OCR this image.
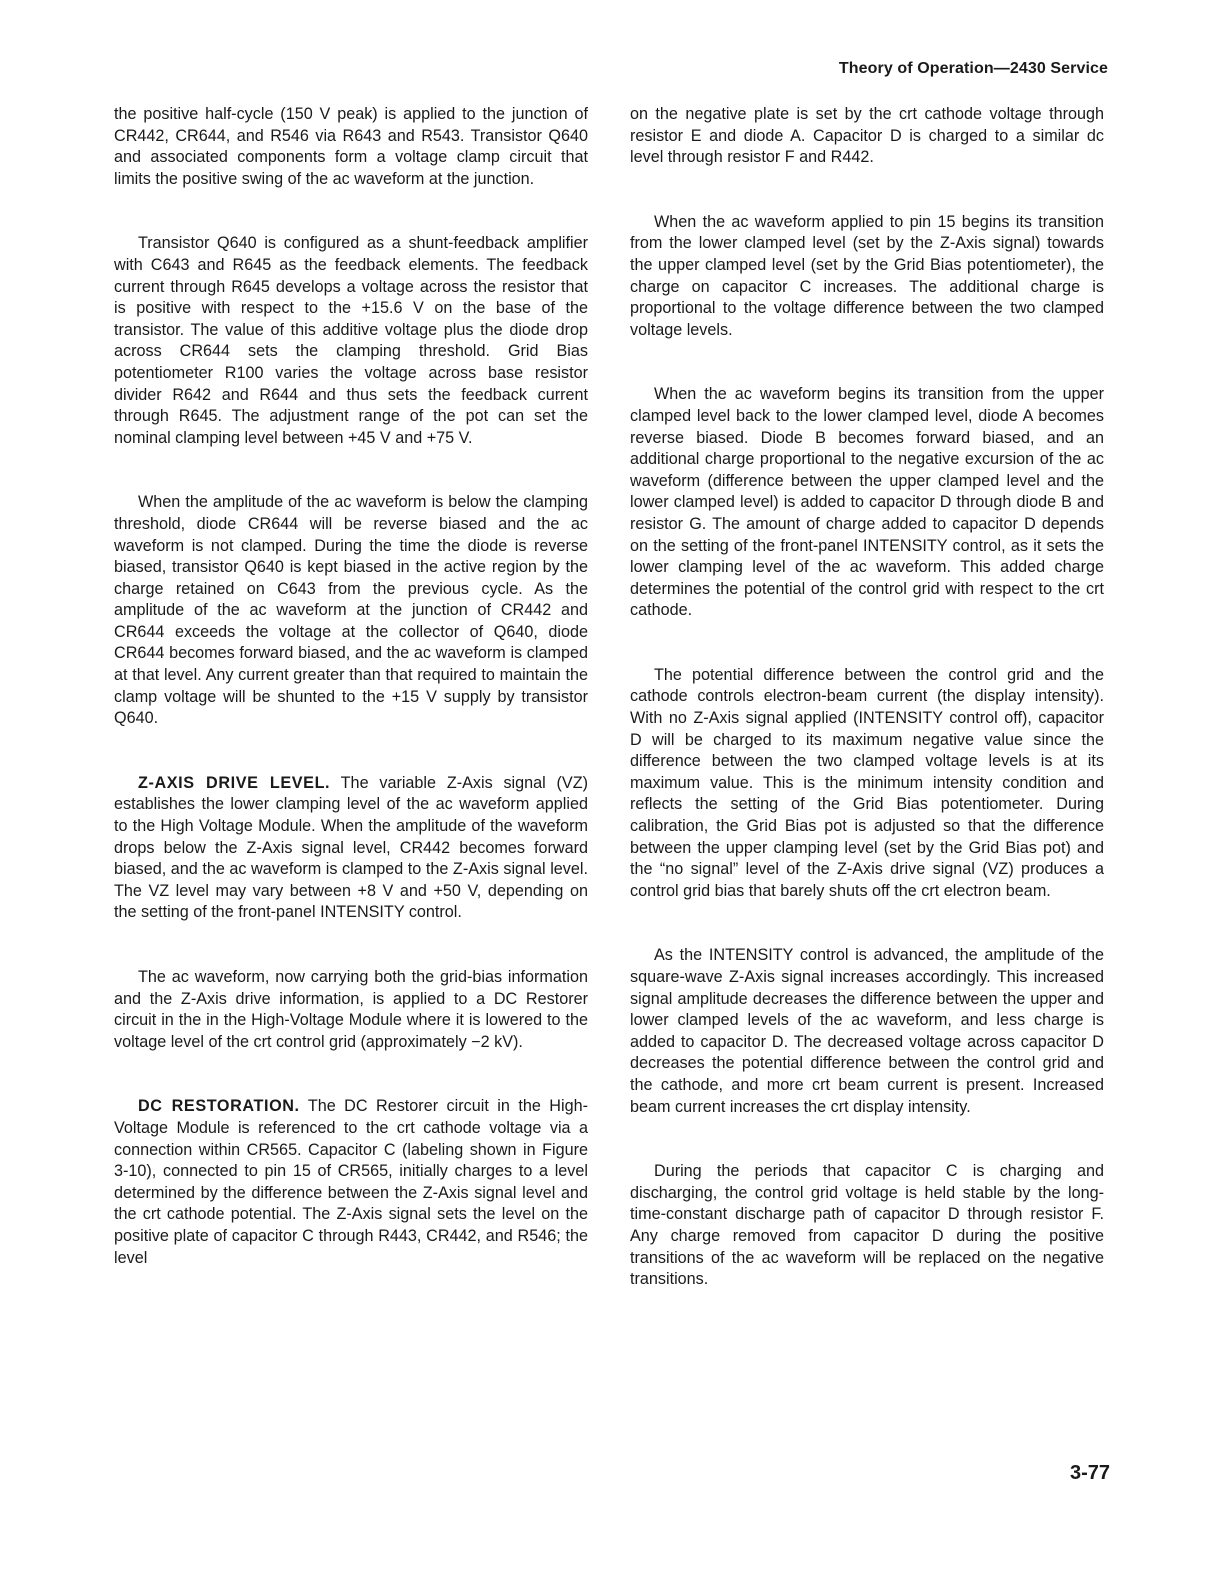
Theory of Operation—2430 Service

the positive half-cycle (150 V peak) is applied to the junction of CR442, CR644, and R546 via R643 and R543. Transistor Q640 and associated components form a voltage clamp circuit that limits the positive swing of the ac waveform at the junction.

Transistor Q640 is configured as a shunt-feedback amplifier with C643 and R645 as the feedback elements. The feedback current through R645 develops a voltage across the resistor that is positive with respect to the +15.6 V on the base of the transistor. The value of this additive voltage plus the diode drop across CR644 sets the clamping threshold. Grid Bias potentiometer R100 varies the voltage across base resistor divider R642 and R644 and thus sets the feedback current through R645. The adjustment range of the pot can set the nominal clamping level between +45 V and +75 V.

When the amplitude of the ac waveform is below the clamping threshold, diode CR644 will be reverse biased and the ac waveform is not clamped. During the time the diode is reverse biased, transistor Q640 is kept biased in the active region by the charge retained on C643 from the previous cycle. As the amplitude of the ac waveform at the junction of CR442 and CR644 exceeds the voltage at the collector of Q640, diode CR644 becomes forward biased, and the ac waveform is clamped at that level. Any current greater than that required to maintain the clamp voltage will be shunted to the +15 V supply by transistor Q640.

Z-AXIS DRIVE LEVEL. The variable Z-Axis signal (VZ) establishes the lower clamping level of the ac waveform applied to the High Voltage Module. When the amplitude of the waveform drops below the Z-Axis signal level, CR442 becomes forward biased, and the ac waveform is clamped to the Z-Axis signal level. The VZ level may vary between +8 V and +50 V, depending on the setting of the front-panel INTENSITY control.

The ac waveform, now carrying both the grid-bias information and the Z-Axis drive information, is applied to a DC Restorer circuit in the in the High-Voltage Module where it is lowered to the voltage level of the crt control grid (approximately −2 kV).

DC RESTORATION. The DC Restorer circuit in the High-Voltage Module is referenced to the crt cathode voltage via a connection within CR565. Capacitor C (labeling shown in Figure 3-10), connected to pin 15 of CR565, initially charges to a level determined by the difference between the Z-Axis signal level and the crt cathode potential. The Z-Axis signal sets the level on the positive plate of capacitor C through R443, CR442, and R546; the level

on the negative plate is set by the crt cathode voltage through resistor E and diode A. Capacitor D is charged to a similar dc level through resistor F and R442.

When the ac waveform applied to pin 15 begins its transition from the lower clamped level (set by the Z-Axis signal) towards the upper clamped level (set by the Grid Bias potentiometer), the charge on capacitor C increases. The additional charge is proportional to the voltage difference between the two clamped voltage levels.

When the ac waveform begins its transition from the upper clamped level back to the lower clamped level, diode A becomes reverse biased. Diode B becomes forward biased, and an additional charge proportional to the negative excursion of the ac waveform (difference between the upper clamped level and the lower clamped level) is added to capacitor D through diode B and resistor G. The amount of charge added to capacitor D depends on the setting of the front-panel INTENSITY control, as it sets the lower clamping level of the ac waveform. This added charge determines the potential of the control grid with respect to the crt cathode.

The potential difference between the control grid and the cathode controls electron-beam current (the display intensity). With no Z-Axis signal applied (INTENSITY control off), capacitor D will be charged to its maximum negative value since the difference between the two clamped voltage levels is at its maximum value. This is the minimum intensity condition and reflects the setting of the Grid Bias potentiometer. During calibration, the Grid Bias pot is adjusted so that the difference between the upper clamping level (set by the Grid Bias pot) and the “no signal” level of the Z-Axis drive signal (VZ) produces a control grid bias that barely shuts off the crt electron beam.

As the INTENSITY control is advanced, the amplitude of the square-wave Z-Axis signal increases accordingly. This increased signal amplitude decreases the difference between the upper and lower clamped levels of the ac waveform, and less charge is added to capacitor D. The decreased voltage across capacitor D decreases the potential difference between the control grid and the cathode, and more crt beam current is present. Increased beam current increases the crt display intensity.

During the periods that capacitor C is charging and discharging, the control grid voltage is held stable by the long-time-constant discharge path of capacitor D through resistor F. Any charge removed from capacitor D during the positive transitions of the ac waveform will be replaced on the negative transitions.

3-77
